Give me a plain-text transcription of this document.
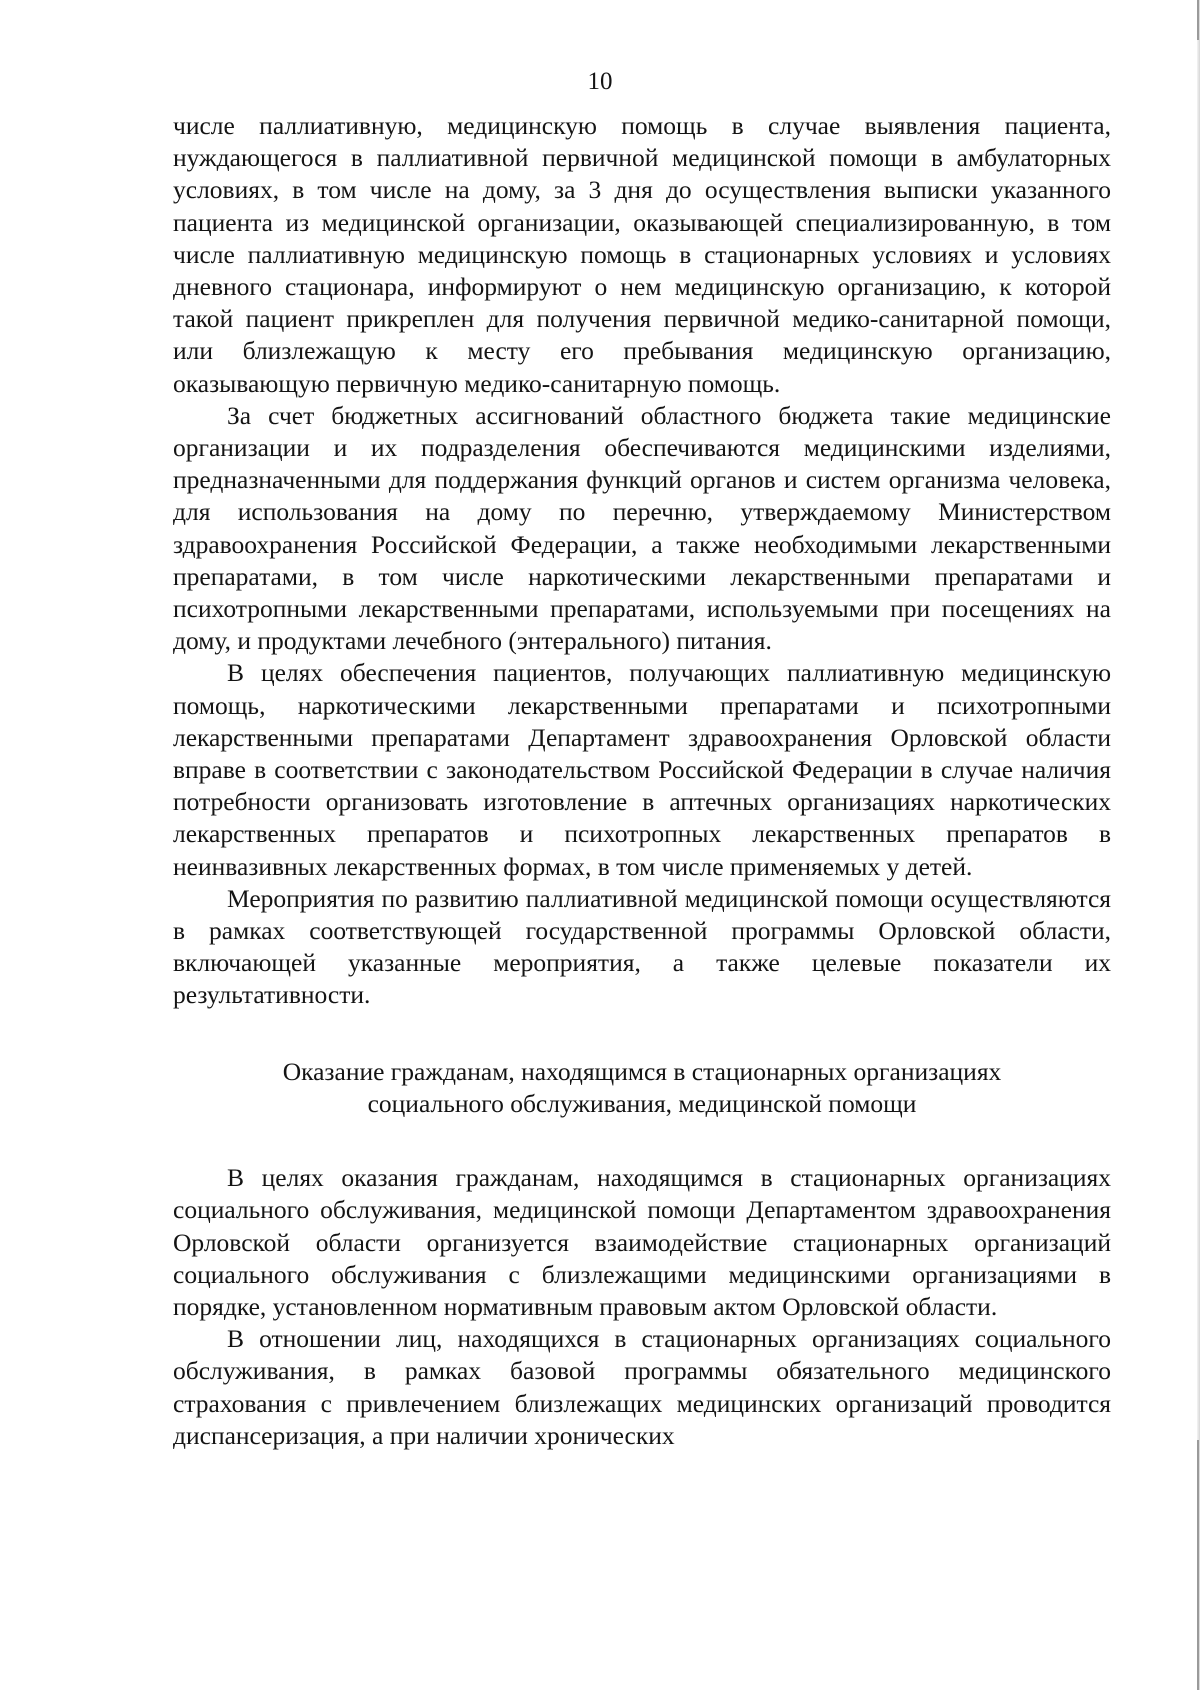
10

числе паллиативную, медицинскую помощь в случае выявления пациента, нуждающегося в паллиативной первичной медицинской помощи в амбулаторных условиях, в том числе на дому, за 3 дня до осуществления выписки указанного пациента из медицинской организации, оказывающей специализированную, в том числе паллиативную медицинскую помощь в стационарных условиях и условиях дневного стационара, информируют о нем медицинскую организацию, к которой такой пациент прикреплен для получения первичной медико-санитарной помощи, или близлежащую к месту его пребывания медицинскую организацию, оказывающую первичную медико-санитарную помощь.

За счет бюджетных ассигнований областного бюджета такие медицинские организации и их подразделения обеспечиваются медицинскими изделиями, предназначенными для поддержания функций органов и систем организма человека, для использования на дому по перечню, утверждаемому Министерством здравоохранения Российской Федерации, а также необходимыми лекарственными препаратами, в том числе наркотическими лекарственными препаратами и психотропными лекарственными препаратами, используемыми при посещениях на дому, и продуктами лечебного (энтерального) питания.

В целях обеспечения пациентов, получающих паллиативную медицинскую помощь, наркотическими лекарственными препаратами и психотропными лекарственными препаратами Департамент здравоохранения Орловской области вправе в соответствии с законодательством Российской Федерации в случае наличия потребности организовать изготовление в аптечных организациях наркотических лекарственных препаратов и психотропных лекарственных препаратов в неинвазивных лекарственных формах, в том числе применяемых у детей.

Мероприятия по развитию паллиативной медицинской помощи осуществляются в рамках соответствующей государственной программы Орловской области, включающей указанные мероприятия, а также целевые показатели их результативности.

Оказание гражданам, находящимся в стационарных организациях
социального обслуживания, медицинской помощи

В целях оказания гражданам, находящимся в стационарных организациях социального обслуживания, медицинской помощи Департаментом здравоохранения Орловской области организуется взаимодействие стационарных организаций социального обслуживания с близлежащими медицинскими организациями в порядке, установленном нормативным правовым актом Орловской области.

В отношении лиц, находящихся в стационарных организациях социального обслуживания, в рамках базовой программы обязательного медицинского страхования с привлечением близлежащих медицинских организаций проводится диспансеризация, а при наличии хронических
